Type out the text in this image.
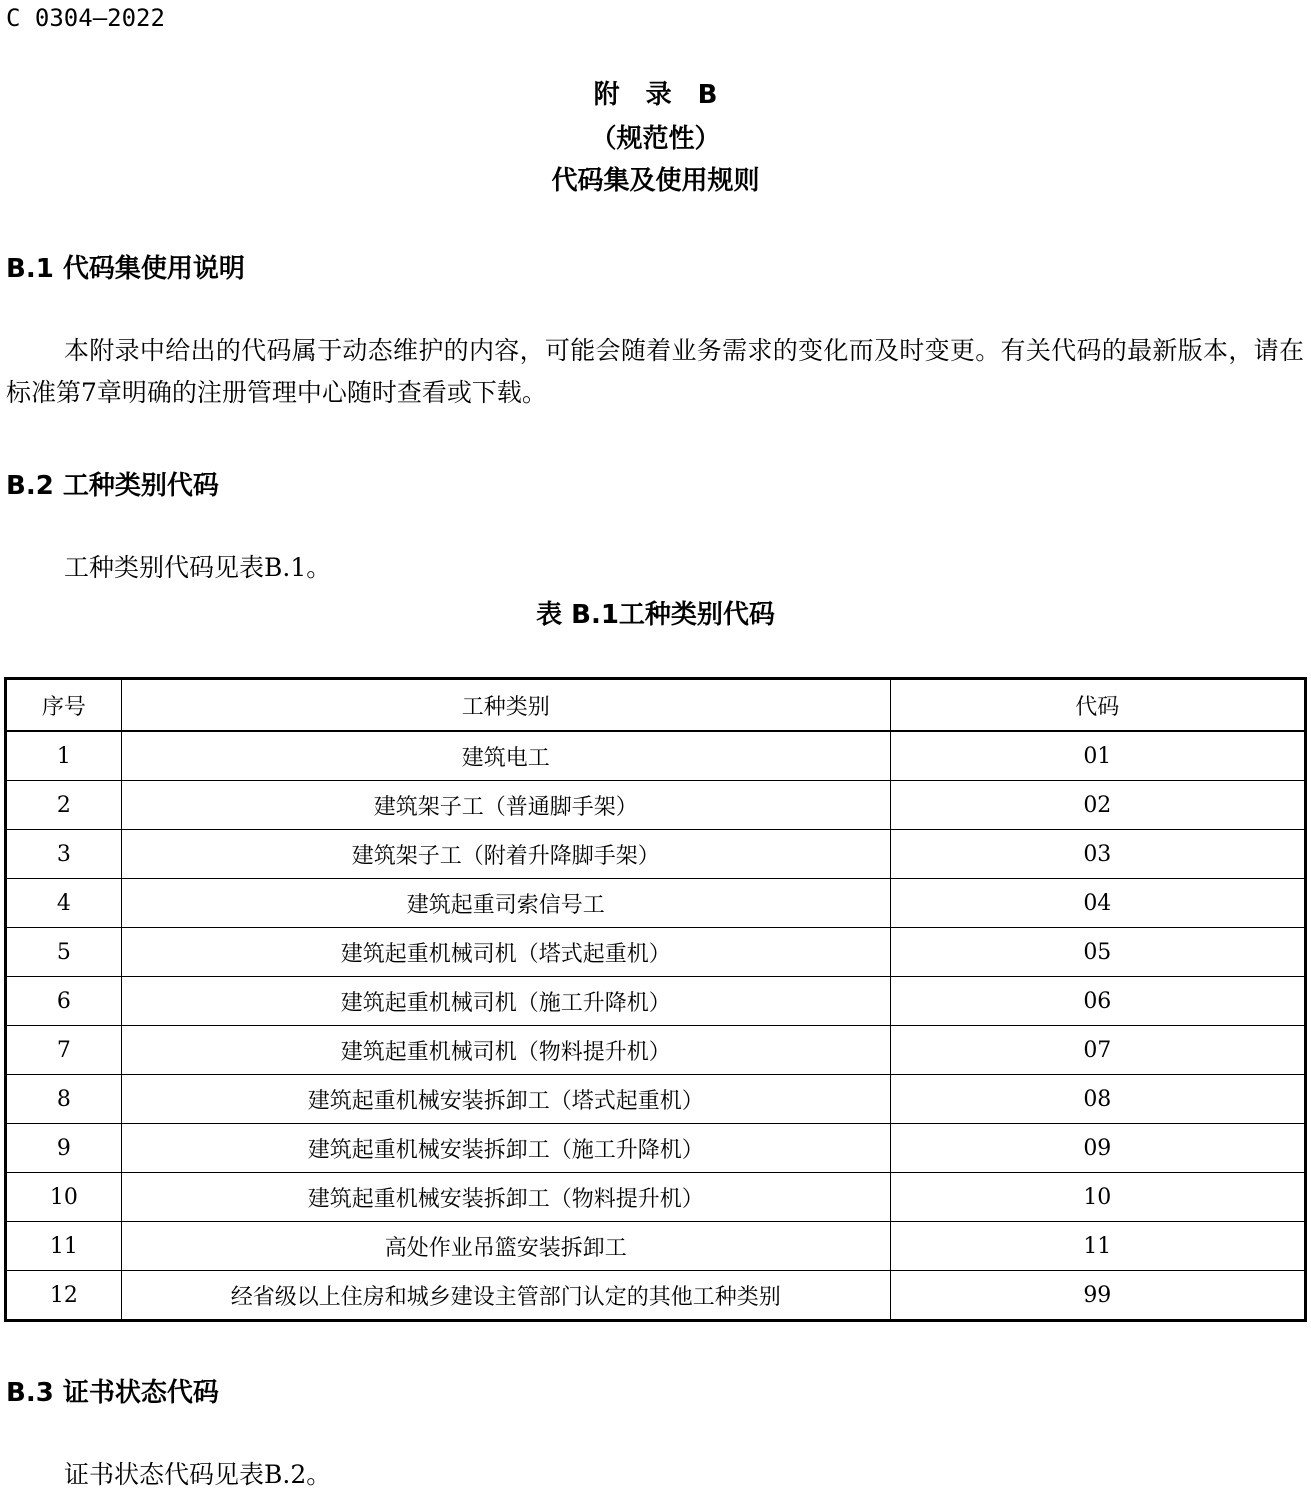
C 0304—2022
附　录　B
（规范性）
代码集及使用规则
B.1 代码集使用说明
本附录中给出的代码属于动态维护的内容，可能会随着业务需求的变化而及时变更。有关代码的最新版本，请在标准第7章明确的注册管理中心随时查看或下载。
B.2 工种类别代码
工种类别代码见表B.1。
表 B.1工种类别代码
序号	工种类别	代码
1	建筑电工	01
2	建筑架子工（普通脚手架）	02
3	建筑架子工（附着升降脚手架）	03
4	建筑起重司索信号工	04
5	建筑起重机械司机（塔式起重机）	05
6	建筑起重机械司机（施工升降机）	06
7	建筑起重机械司机（物料提升机）	07
8	建筑起重机械安装拆卸工（塔式起重机）	08
9	建筑起重机械安装拆卸工（施工升降机）	09
10	建筑起重机械安装拆卸工（物料提升机）	10
11	高处作业吊篮安装拆卸工	11
12	经省级以上住房和城乡建设主管部门认定的其他工种类别	99
B.3 证书状态代码
证书状态代码见表B.2。
